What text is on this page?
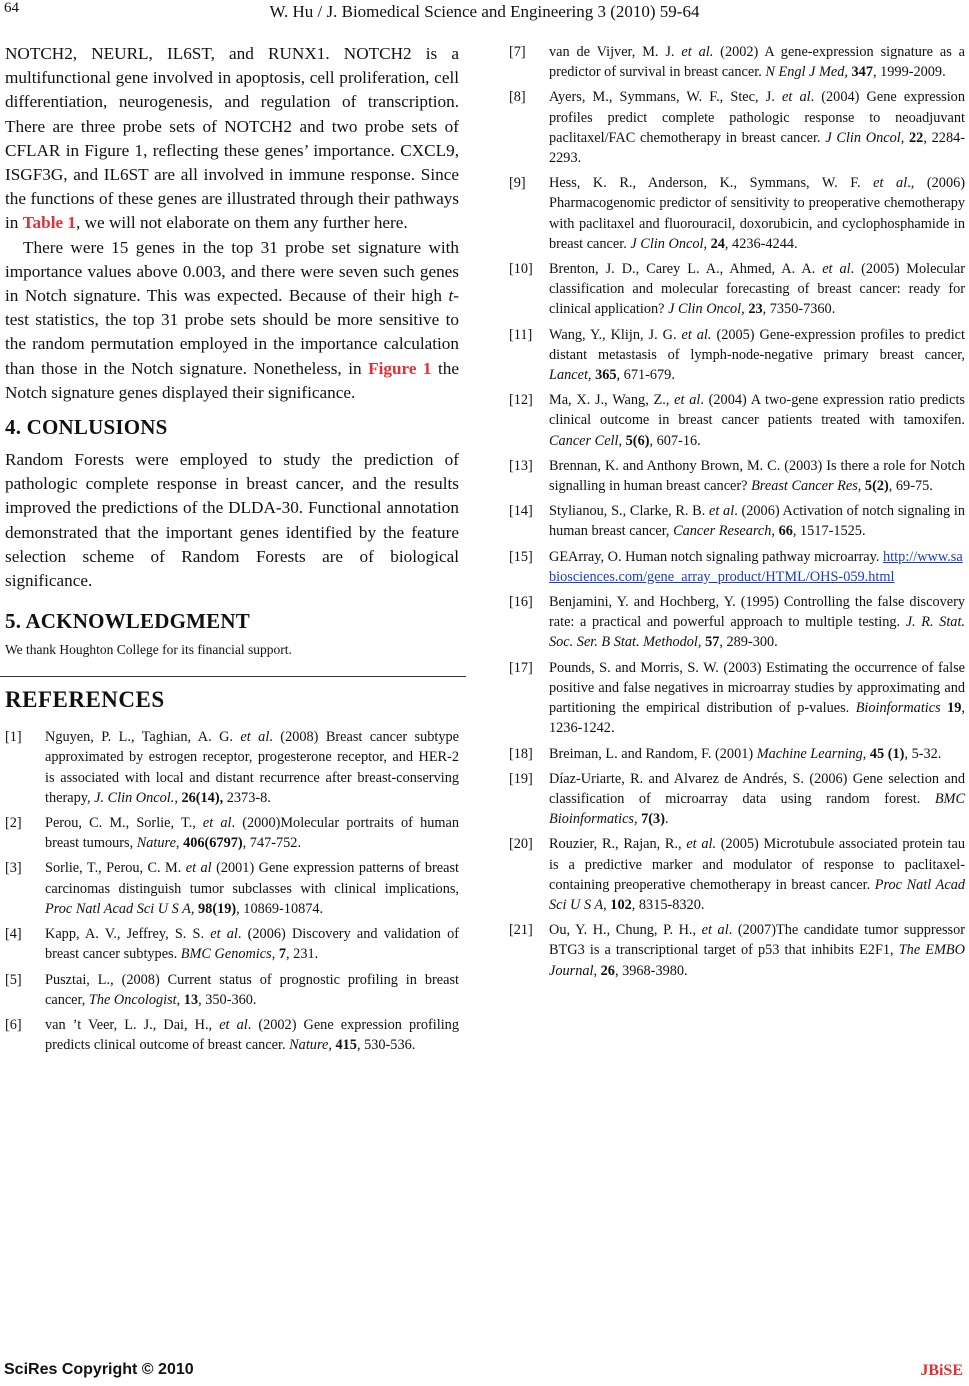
64	W. Hu / J. Biomedical Science and Engineering 3 (2010) 59-64

NOTCH2, NEURL, IL6ST, and RUNX1. NOTCH2 is a multifunctional gene involved in apoptosis, cell proliferation, cell differentiation, neurogenesis, and regulation of transcription. There are three probe sets of NOTCH2 and two probe sets of CFLAR in Figure 1, reflecting these genes’ importance. CXCL9, ISGF3G, and IL6ST are all involved in immune response. Since the functions of these genes are illustrated through their pathways in Table 1, we will not elaborate on them any further here.

There were 15 genes in the top 31 probe set signature with importance values above 0.003, and there were seven such genes in Notch signature. This was expected. Because of their high t-test statistics, the top 31 probe sets should be more sensitive to the random permutation employed in the importance calculation than those in the Notch signature. Nonetheless, in Figure 1 the Notch signature genes displayed their significance.

4. CONLUSIONS

Random Forests were employed to study the prediction of pathologic complete response in breast cancer, and the results improved the predictions of the DLDA-30. Functional annotation demonstrated that the important genes identified by the feature selection scheme of Random Forests are of biological significance.

5. ACKNOWLEDGMENT

We thank Houghton College for its financial support.

REFERENCES
[1]	Nguyen, P. L., Taghian, A. G. et al. (2008) Breast cancer subtype approximated by estrogen receptor, progesterone receptor, and HER-2 is associated with local and distant recurrence after breast-conserving therapy, J. Clin Oncol., 26(14), 2373-8.
[2]	Perou, C. M., Sorlie, T., et al. (2000)Molecular portraits of human breast tumours, Nature, 406(6797), 747-752.
[3]	Sorlie, T., Perou, C. M. et al (2001) Gene expression patterns of breast carcinomas distinguish tumor subclasses with clinical implications, Proc Natl Acad Sci U S A, 98(19), 10869-10874.
[4]	Kapp, A. V., Jeffrey, S. S. et al. (2006) Discovery and validation of breast cancer subtypes. BMC Genomics, 7, 231.
[5]	Pusztai, L., (2008) Current status of prognostic profiling in breast cancer, The Oncologist, 13, 350-360.
[6]	van ’t Veer, L. J., Dai, H., et al. (2002) Gene expression profiling predicts clinical outcome of breast cancer. Nature, 415, 530-536.
[7]	van de Vijver, M. J. et al. (2002) A gene-expression signature as a predictor of survival in breast cancer. N Engl J Med, 347, 1999-2009.
[8]	Ayers, M., Symmans, W. F., Stec, J. et al. (2004) Gene expression profiles predict complete pathologic response to neoadjuvant paclitaxel/FAC chemotherapy in breast cancer. J Clin Oncol, 22, 2284-2293.
[9]	Hess, K. R., Anderson, K., Symmans, W. F. et al., (2006) Pharmacogenomic predictor of sensitivity to preoperative chemotherapy with paclitaxel and fluorouracil, doxorubicin, and cyclophosphamide in breast cancer. J Clin Oncol, 24, 4236-4244.
[10]	Brenton, J. D., Carey L. A., Ahmed, A. A. et al. (2005) Molecular classification and molecular forecasting of breast cancer: ready for clinical application? J Clin Oncol, 23, 7350-7360.
[11]	Wang, Y., Klijn, J. G. et al. (2005) Gene-expression profiles to predict distant metastasis of lymph-node-negative primary breast cancer, Lancet, 365, 671-679.
[12]	Ma, X. J., Wang, Z., et al. (2004) A two-gene expression ratio predicts clinical outcome in breast cancer patients treated with tamoxifen. Cancer Cell, 5(6), 607-16.
[13]	Brennan, K. and Anthony Brown, M. C. (2003) Is there a role for Notch signalling in human breast cancer? Breast Cancer Res, 5(2), 69-75.
[14]	Stylianou, S., Clarke, R. B. et al. (2006) Activation of notch signaling in human breast cancer, Cancer Research, 66, 1517-1525.
[15]	GEArray, O. Human notch signaling pathway microarray. http://www.sabiosciences.com/gene_array_product/HTML/OHS-059.html
[16]	Benjamini, Y. and Hochberg, Y. (1995) Controlling the false discovery rate: a practical and powerful approach to multiple testing. J. R. Stat. Soc. Ser. B Stat. Methodol, 57, 289-300.
[17]	Pounds, S. and Morris, S. W. (2003) Estimating the occurrence of false positive and false negatives in microarray studies by approximating and partitioning the empirical distribution of p-values. Bioinformatics 19, 1236-1242.
[18]	Breiman, L. and Random, F. (2001) Machine Learning, 45 (1), 5-32.
[19]	Díaz-Uriarte, R. and Alvarez de Andrés, S. (2006) Gene selection and classification of microarray data using random forest. BMC Bioinformatics, 7(3).
[20]	Rouzier, R., Rajan, R., et al. (2005) Microtubule associated protein tau is a predictive marker and modulator of response to paclitaxel-containing preoperative chemotherapy in breast cancer. Proc Natl Acad Sci U S A, 102, 8315-8320.
[21]	Ou, Y. H., Chung, P. H., et al. (2007)The candidate tumor suppressor BTG3 is a transcriptional target of p53 that inhibits E2F1, The EMBO Journal, 26, 3968-3980.
SciRes Copyright © 2010	JBiSE
